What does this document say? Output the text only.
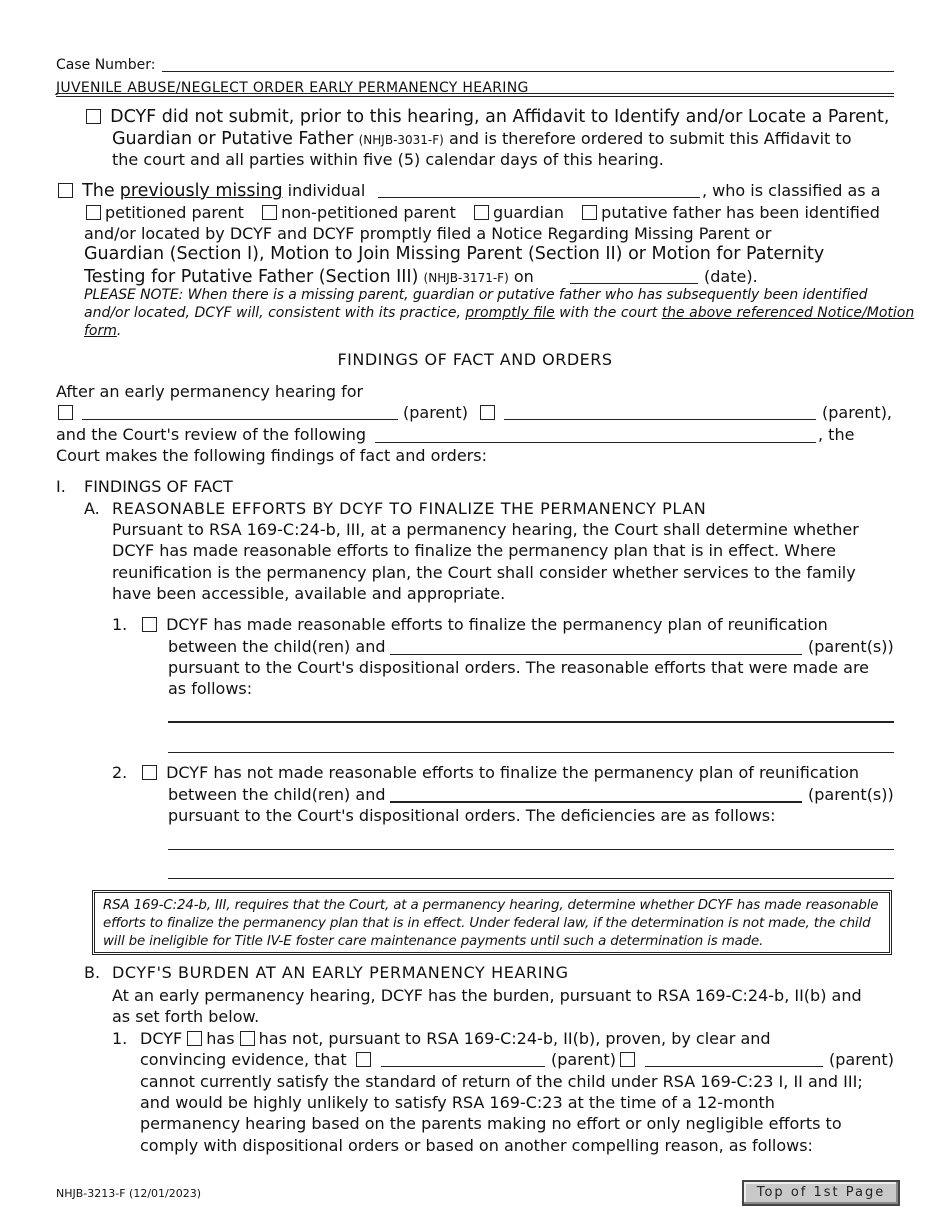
Case Number:
JUVENILE ABUSE/NEGLECT ORDER EARLY PERMANENCY HEARING
DCYF did not submit, prior to this hearing, an Affidavit to Identify and/or Locate a Parent,
Guardian or Putative Father (NHJB-3031-F) and is therefore ordered to submit this Affidavit to
the court and all parties within five (5) calendar days of this hearing.
The previously missing individual	, who is classified as a
petitioned parent non-petitioned parent guardian putative father has been identified
and/or located by DCYF and DCYF promptly filed a Notice Regarding Missing Parent or
Guardian (Section I), Motion to Join Missing Parent (Section II) or Motion for Paternity
Testing for Putative Father (Section III) (NHJB-3171-F) on	(date).
PLEASE NOTE: When there is a missing parent, guardian or putative father who has subsequently been identified
and/or located, DCYF will, consistent with its practice, promptly file with the court the above referenced Notice/Motion
form.
FINDINGS OF FACT AND ORDERS
After an early permanency hearing for
(parent)	(parent),
and the Court's review of the following	, the
Court makes the following findings of fact and orders:
I. FINDINGS OF FACT
A. REASONABLE EFFORTS BY DCYF TO FINALIZE THE PERMANENCY PLAN
Pursuant to RSA 169-C:24-b, III, at a permanency hearing, the Court shall determine whether
DCYF has made reasonable efforts to finalize the permanency plan that is in effect. Where
reunification is the permanency plan, the Court shall consider whether services to the family
have been accessible, available and appropriate.
1.	DCYF has made reasonable efforts to finalize the permanency plan of reunification
between the child(ren) and	(parent(s))
pursuant to the Court's dispositional orders. The reasonable efforts that were made are
as follows:
2.	DCYF has not made reasonable efforts to finalize the permanency plan of reunification
between the child(ren) and	(parent(s))
pursuant to the Court's dispositional orders. The deficiencies are as follows:
RSA 169-C:24-b, III, requires that the Court, at a permanency hearing, determine whether DCYF has made reasonable
efforts to finalize the permanency plan that is in effect. Under federal law, if the determination is not made, the child
will be ineligible for Title IV-E foster care maintenance payments until such a determination is made.
B. DCYF'S BURDEN AT AN EARLY PERMANENCY HEARING
At an early permanency hearing, DCYF has the burden, pursuant to RSA 169-C:24-b, II(b) and
as set forth below.
1. DCYF has has not, pursuant to RSA 169-C:24-b, II(b), proven, by clear and
convincing evidence, that	(parent)	(parent)
cannot currently satisfy the standard of return of the child under RSA 169-C:23 I, II and III;
and would be highly unlikely to satisfy RSA 169-C:23 at the time of a 12-month
permanency hearing based on the parents making no effort or only negligible efforts to
comply with dispositional orders or based on another compelling reason, as follows:
NHJB-3213-F (12/01/2023)	Top of 1st Page
